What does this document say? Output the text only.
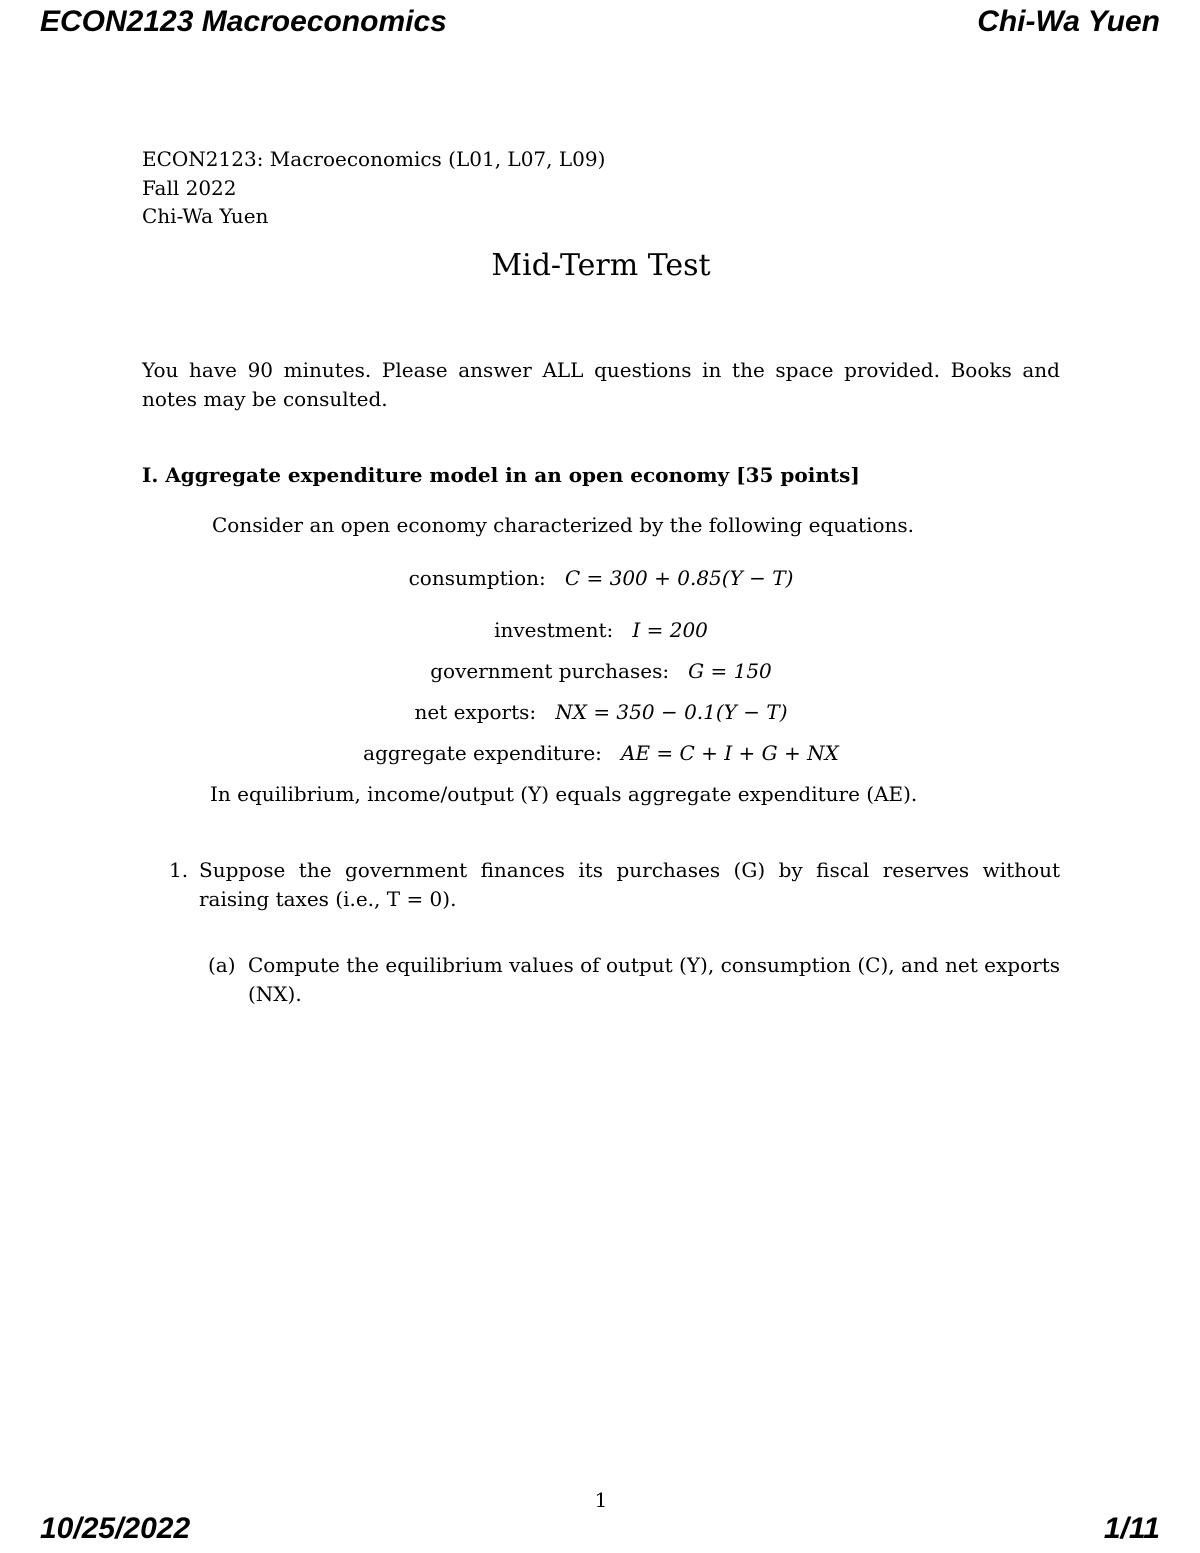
ECON2123 Macroeconomics	Chi-Wa Yuen
10/25/2022	1/11
ECON2123: Macroeconomics (L01, L07, L09)
Fall 2022
Chi-Wa Yuen
Mid-Term Test
You have 90 minutes. Please answer ALL questions in the space provided. Books and notes may be consulted.
I. Aggregate expenditure model in an open economy [35 points]
Consider an open economy characterized by the following equations.
consumption: C = 300 + 0.85(Y − T)
investment: I = 200
government purchases: G = 150
net exports: NX = 350 − 0.1(Y − T)
aggregate expenditure: AE = C + I + G + NX
In equilibrium, income/output (Y) equals aggregate expenditure (AE).
1. Suppose the government finances its purchases (G) by fiscal reserves without raising taxes (i.e., T = 0).
(a) Compute the equilibrium values of output (Y), consumption (C), and net exports (NX).
1
